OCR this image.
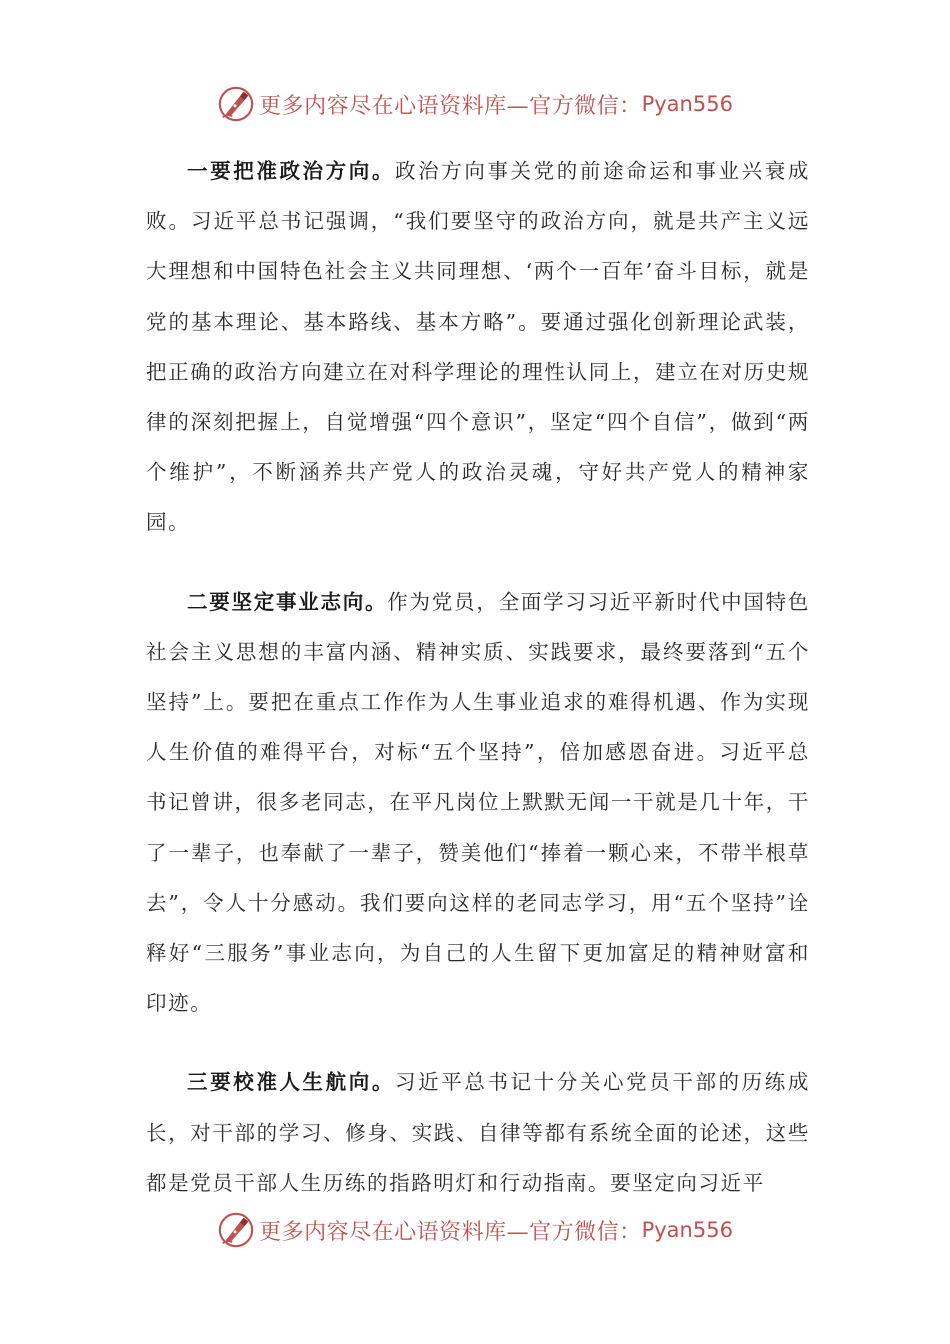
更多内容尽在心语资料库—官方微信： Pyan556

一要把准政治方向。政治方向事关党的前途命运和事业兴衰成败。习近平总书记强调，“我们要坚守的政治方向，就是共产主义远大理想和中国特色社会主义共同理想、‘两个一百年’奋斗目标，就是党的基本理论、基本路线、基本方略”。要通过强化创新理论武装，把正确的政治方向建立在对科学理论的理性认同上，建立在对历史规律的深刻把握上，自觉增强“四个意识”，坚定“四个自信”，做到“两个维护”，不断涵养共产党人的政治灵魂，守好共产党人的精神家园。

二要坚定事业志向。作为党员，全面学习习近平新时代中国特色社会主义思想的丰富内涵、精神实质、实践要求，最终要落到“五个坚持”上。要把在重点工作作为人生事业追求的难得机遇、作为实现人生价值的难得平台，对标“五个坚持”，倍加感恩奋进。习近平总书记曾讲，很多老同志，在平凡岗位上默默无闻一干就是几十年，干了一辈子，也奉献了一辈子，赞美他们“捧着一颗心来，不带半根草去”，令人十分感动。我们要向这样的老同志学习，用“五个坚持”诠释好“三服务”事业志向，为自己的人生留下更加富足的精神财富和印迹。

三要校准人生航向。习近平总书记十分关心党员干部的历练成长，对干部的学习、修身、实践、自律等都有系统全面的论述，这些都是党员干部人生历练的指路明灯和行动指南。要坚定向习近平

更多内容尽在心语资料库—官方微信： Pyan556
